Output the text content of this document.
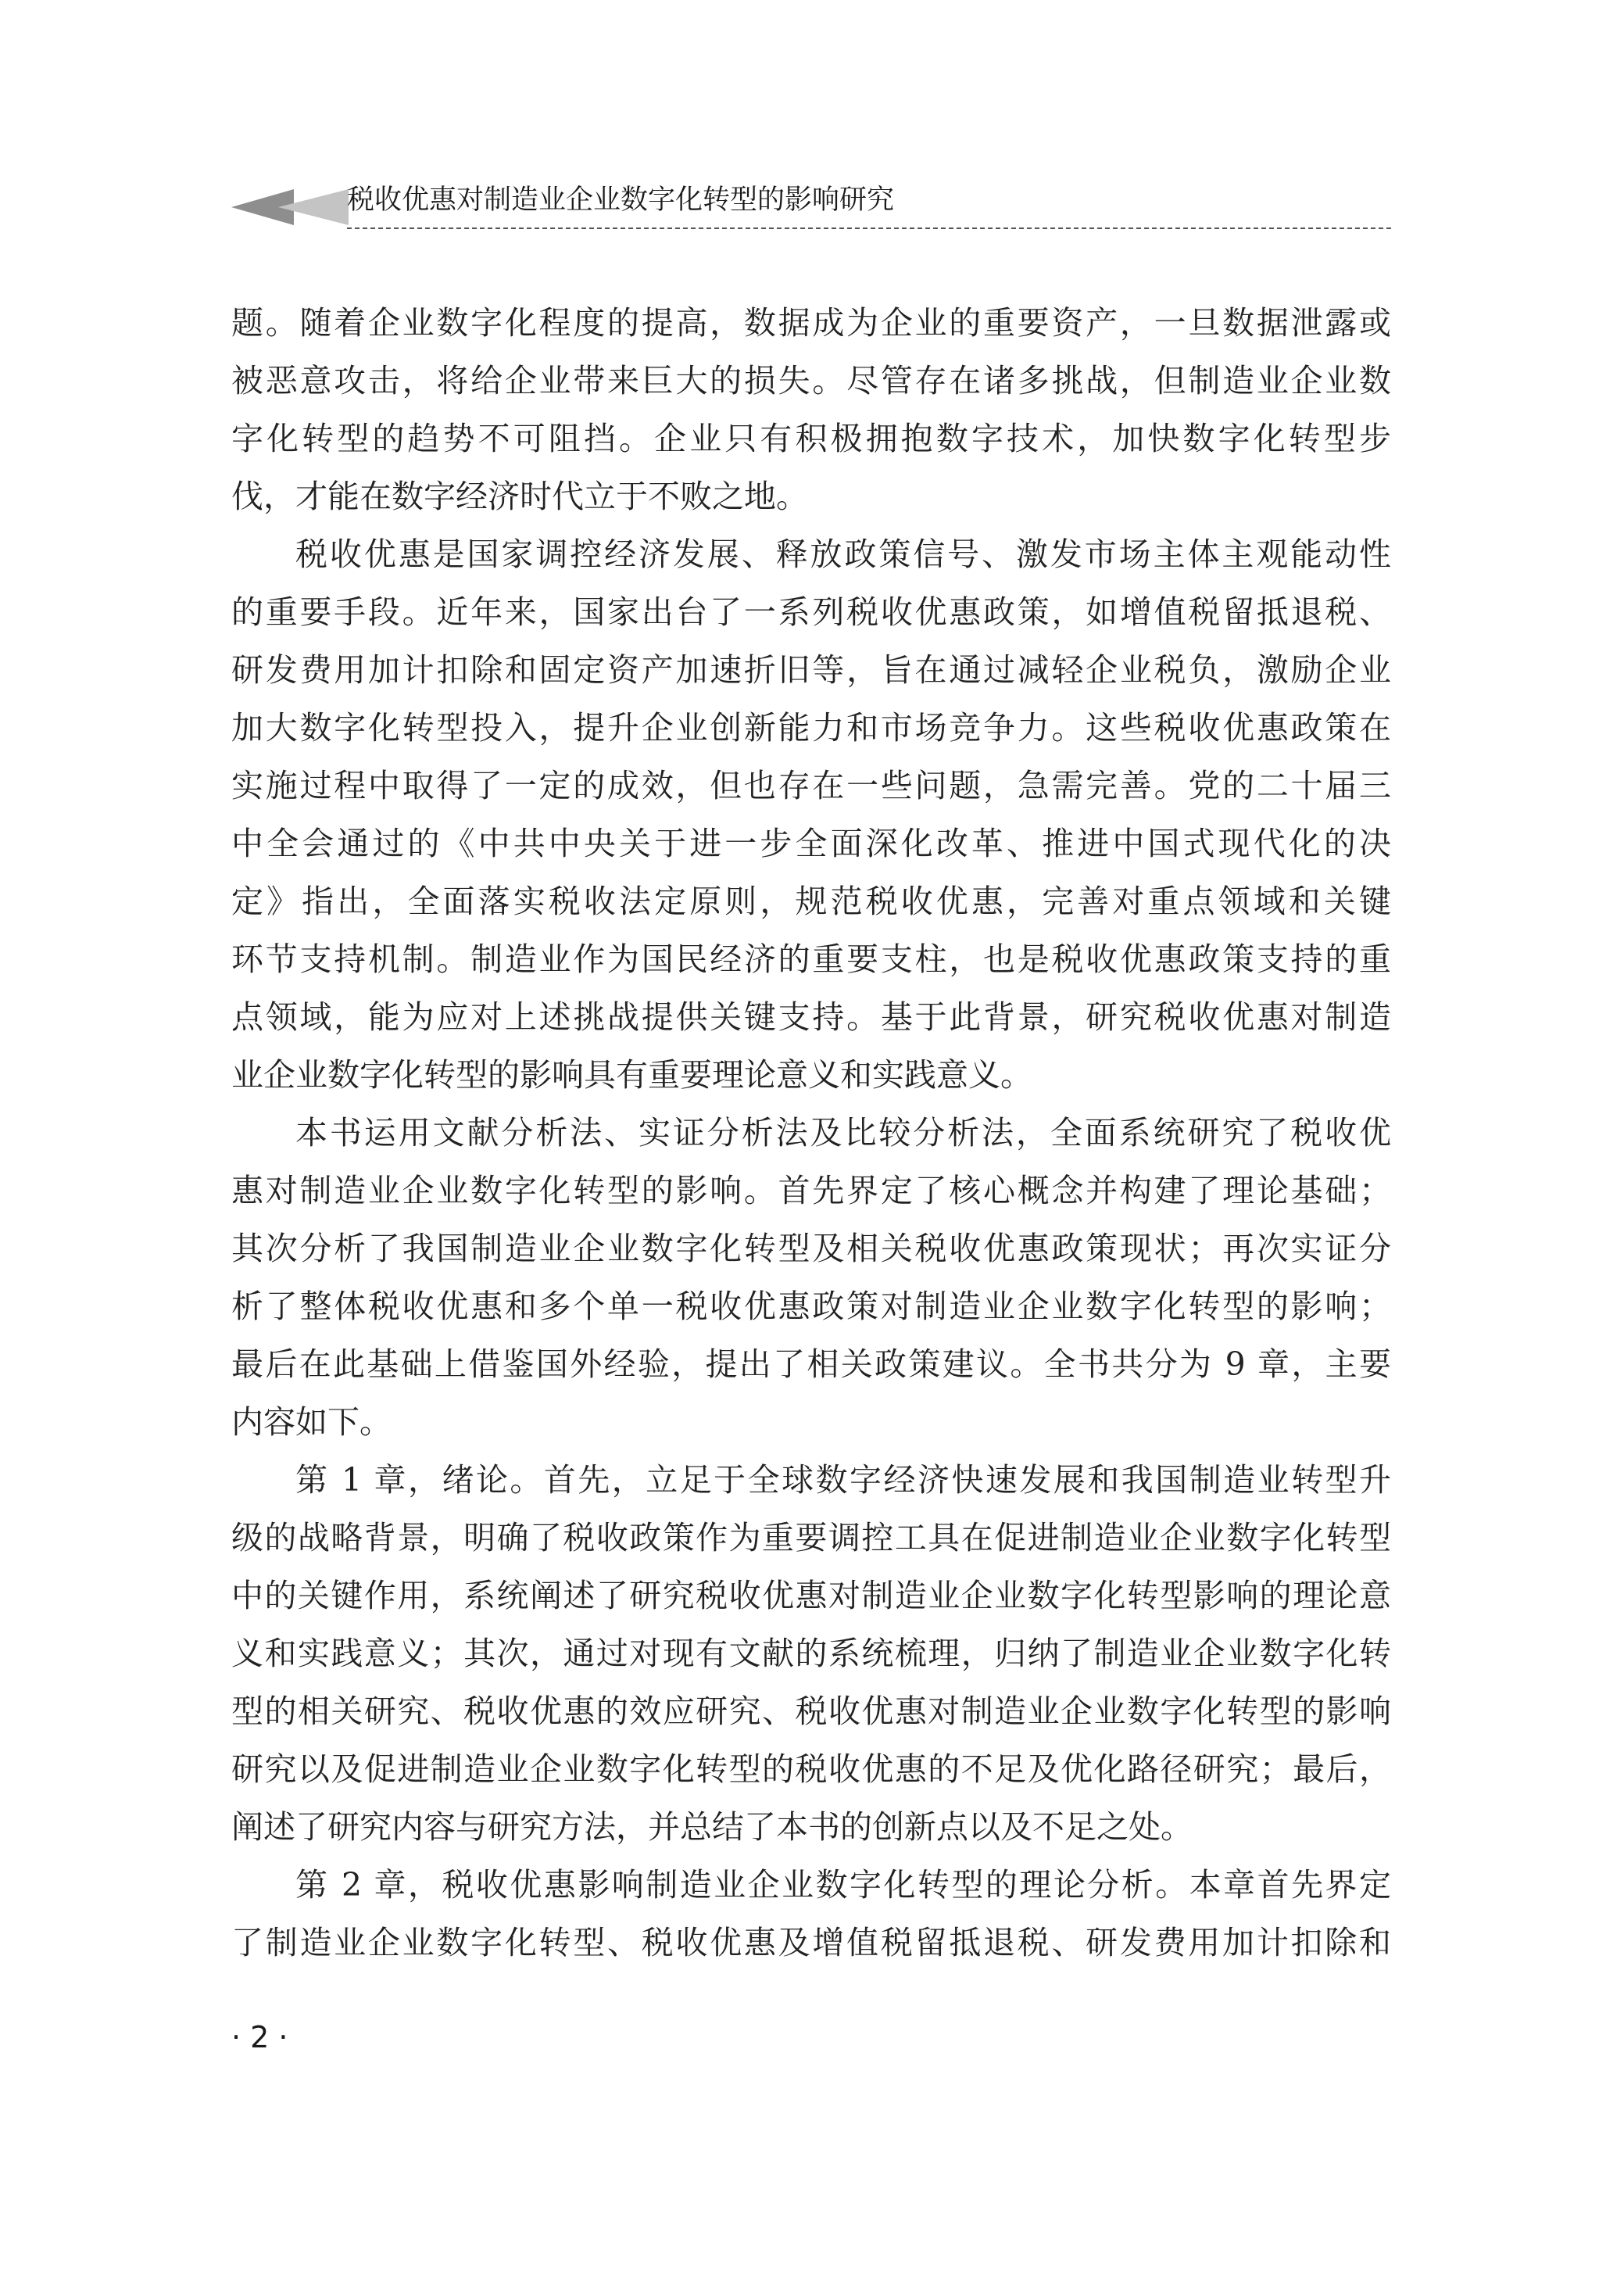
税收优惠对制造业企业数字化转型的影响研究
题。随着企业数字化程度的提高，数据成为企业的重要资产，一旦数据泄露或
被恶意攻击，将给企业带来巨大的损失。尽管存在诸多挑战，但制造业企业数
字化转型的趋势不可阻挡。企业只有积极拥抱数字技术，加快数字化转型步
伐，才能在数字经济时代立于不败之地。
税收优惠是国家调控经济发展、释放政策信号、激发市场主体主观能动性
的重要手段。近年来，国家出台了一系列税收优惠政策，如增值税留抵退税、
研发费用加计扣除和固定资产加速折旧等，旨在通过减轻企业税负，激励企业
加大数字化转型投入，提升企业创新能力和市场竞争力。这些税收优惠政策在
实施过程中取得了一定的成效，但也存在一些问题，急需完善。党的二十届三
中全会通过的《中共中央关于进一步全面深化改革、推进中国式现代化的决
定》指出，全面落实税收法定原则，规范税收优惠，完善对重点领域和关键
环节支持机制。制造业作为国民经济的重要支柱，也是税收优惠政策支持的重
点领域，能为应对上述挑战提供关键支持。基于此背景，研究税收优惠对制造
业企业数字化转型的影响具有重要理论意义和实践意义。
本书运用文献分析法、实证分析法及比较分析法，全面系统研究了税收优
惠对制造业企业数字化转型的影响。首先界定了核心概念并构建了理论基础；
其次分析了我国制造业企业数字化转型及相关税收优惠政策现状；再次实证分
析了整体税收优惠和多个单一税收优惠政策对制造业企业数字化转型的影响；
最后在此基础上借鉴国外经验，提出了相关政策建议。全书共分为 9 章，主要
内容如下。
第 1 章，绪论。首先，立足于全球数字经济快速发展和我国制造业转型升
级的战略背景，明确了税收政策作为重要调控工具在促进制造业企业数字化转型
中的关键作用，系统阐述了研究税收优惠对制造业企业数字化转型影响的理论意
义和实践意义；其次，通过对现有文献的系统梳理，归纳了制造业企业数字化转
型的相关研究、税收优惠的效应研究、税收优惠对制造业企业数字化转型的影响
研究以及促进制造业企业数字化转型的税收优惠的不足及优化路径研究；最后，
阐述了研究内容与研究方法，并总结了本书的创新点以及不足之处。
第 2 章，税收优惠影响制造业企业数字化转型的理论分析。本章首先界定
了制造业企业数字化转型、税收优惠及增值税留抵退税、研发费用加计扣除和
· 2 ·
